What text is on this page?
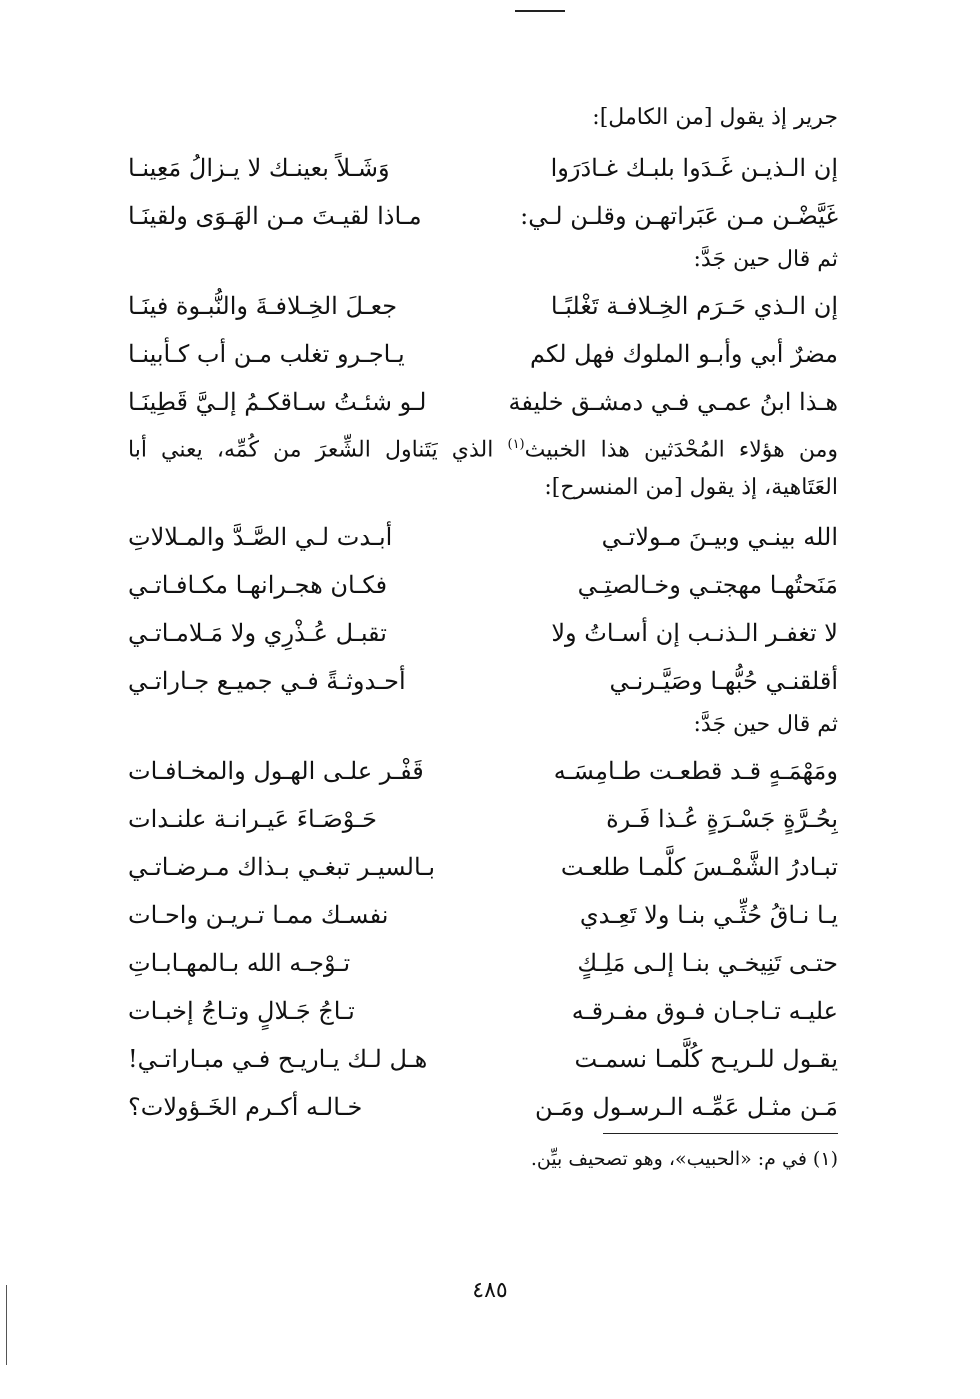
جرير إذ يقول [من الكامل]:
إن الـذيـن غَـدَوا بلبـك غـادَرَوا
وَشَـلاً بعينـك لا يـزالُ مَعِينـا
غَيَّضْـن مـن عَبَراتهـن وقلـن لـي:
مـاذا لقيـتَ مـن الهَـوَى ولقينَـا
ثم قال حين جَدَّ:
إن الـذي حَـرَم الخِـلافـة تَغْلبًـا
جعـلَ الخِـلافـةَ والنُّبـوة فينَـا
مضرٌ أبي وأبـو الملوك فهل لكم
يـاجـرو تغلب مـن أب كـأبينـا
هـذا ابنُ عمـي فـي دمشـق خليفة
لـو شئـتُ سـاقكـمُ إلـيَّ قَطِينَـا

ومن هؤلاء المُحْدَثين هذا الخبيث$^{(١)}$ الذي يَتَناول الشِّعرَ من كُمِّه، يعني أبا العَتَاهية، إذ يقول [من المنسرح]:

الله بينـي وبيـنَ مـولاتـي
أبـدت لـي الصَّـدَّ والمـلالاتِ
مَنَحتُهـا مهجتـي وخـالصتِـي
فكـان هجـرانهـا مكـافـاتـي
لا تغفـر الـذنـب إن أسـاتُ ولا
تقبـل عُـذْرِي ولا مَـلامـاتـي
أقلقنـي حُبُّهـا وصَيَّـرنـي
أحـدوثـةً فـي جميـع جـاراتـي
ثم قال حين جَدَّ:
ومَهْمَـهٍ قـد قطعـت طـامِسَـه
قَفْـر علـى الهـول والمخـافـات
بِحُـرَّةٍ جَسْـرَةٍ عُـذا فَـرة
حَـوْصَـاءَ عَيـرانـة علنـدات
تبـادرُ الشَّمْـسَ كلَّمـا طلعـت
بـالسيـر تبغـي بـذاك مـرضـاتـي
يـا نـاقُ حُثِّـي بنـا ولا تَعِـدي
نفسـك ممـا تـريـن واحـات
حتـى تَنِيخـي بنـا إلـى مَلِـكٍ
تـوْجـه الله بـالمهـابـاتِ
عليـه تـاجـان فـوق مفـرقـه
تـاجُ جَـلالٍ وتـاجُ إخبـات
يقـول للـريـح كُلَّمـا نسمـت
هـل لـك يـاريـح فـي مبـاراتـي!
مَـن مثـل عَمِّـه الـرسـول ومَـن
خـالـه أكـرم الخَـؤولات؟
(١) في م: «الحبيب»، وهو تصحيف بيِّن.
٤٨٥
